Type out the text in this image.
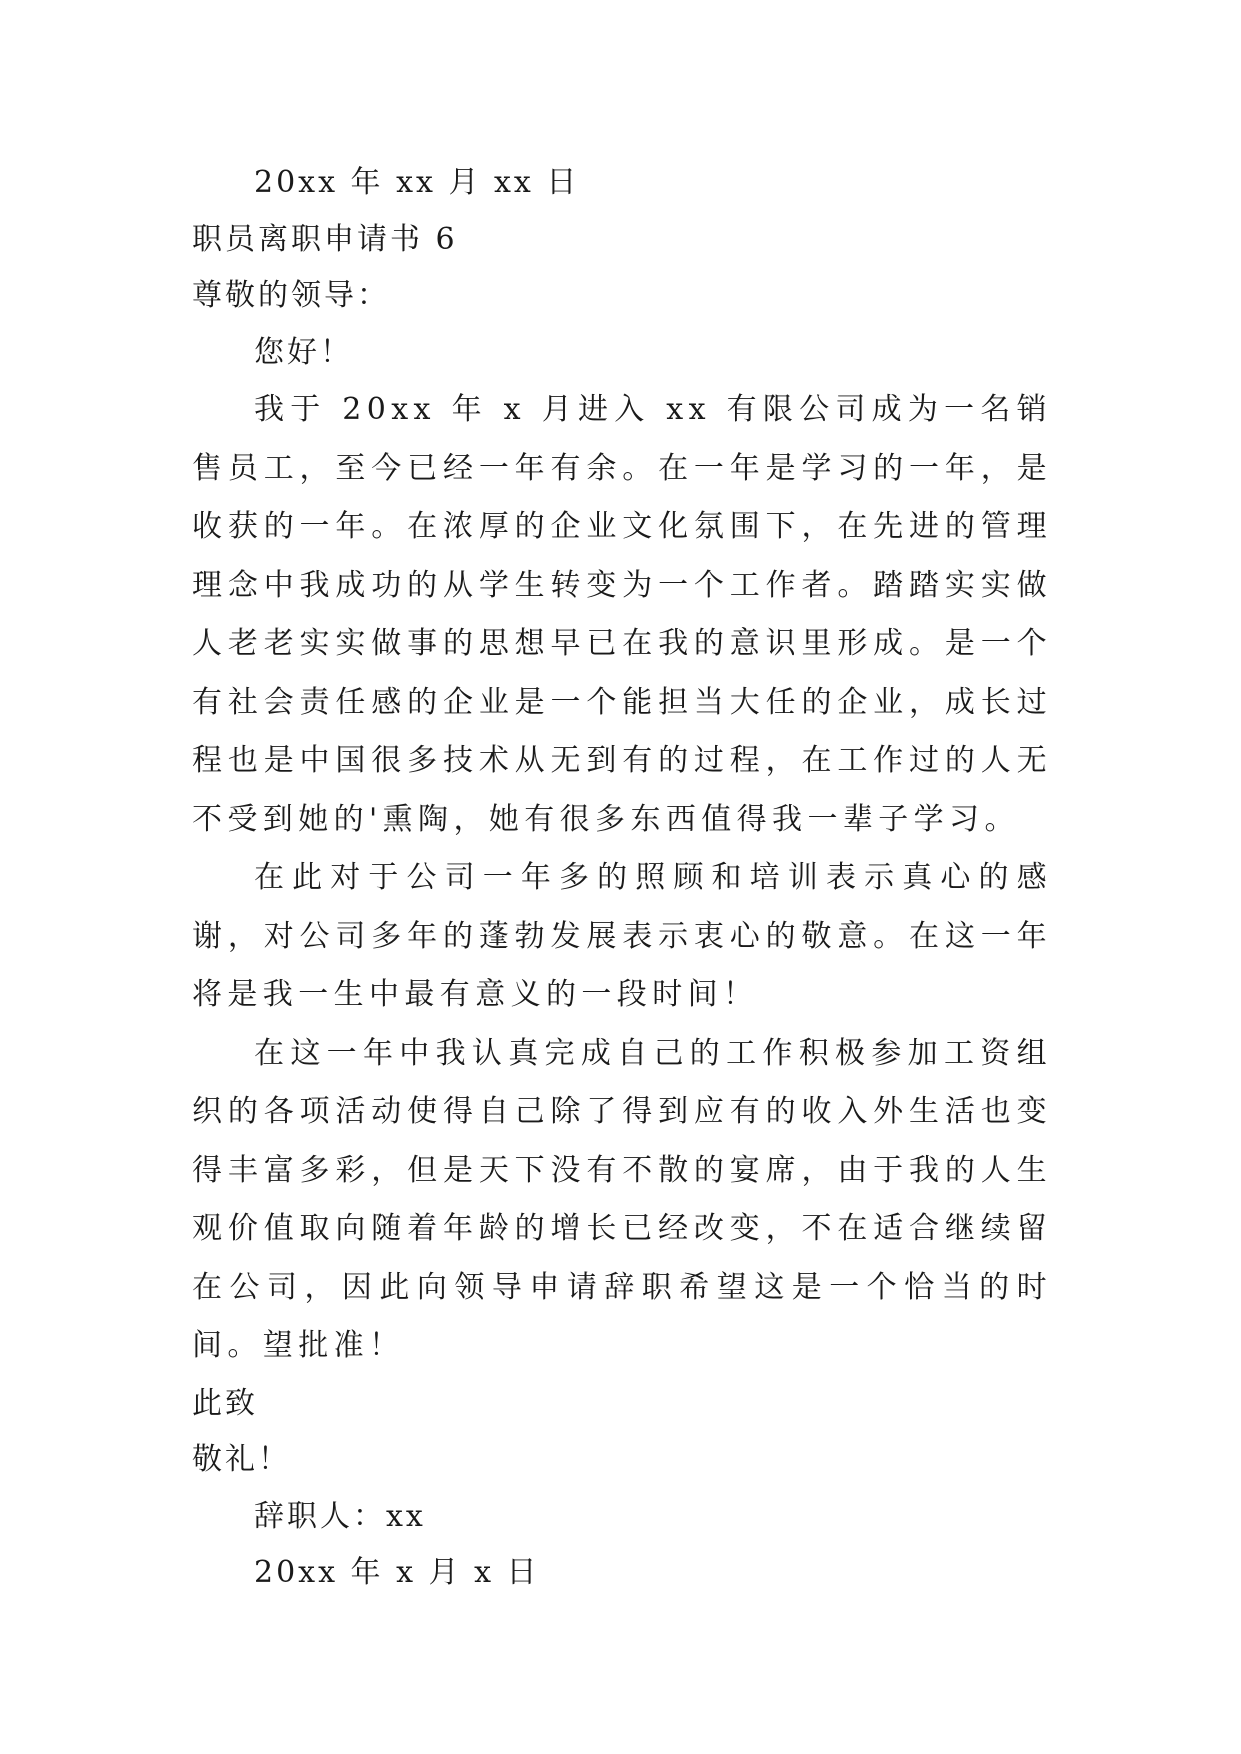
20xx 年 xx 月 xx 日
职员离职申请书 6
尊敬的领导：
您好！
我于 20xx 年 x 月进入 xx 有限公司成为一名销售员工，至今已经一年有余。在一年是学习的一年，是收获的一年。在浓厚的企业文化氛围下，在先进的管理理念中我成功的从学生转变为一个工作者。踏踏实实做人老老实实做事的思想早已在我的意识里形成。是一个有社会责任感的企业是一个能担当大任的企业，成长过程也是中国很多技术从无到有的过程，在工作过的人无不受到她的'熏陶，她有很多东西值得我一辈子学习。
在此对于公司一年多的照顾和培训表示真心的感谢，对公司多年的蓬勃发展表示衷心的敬意。在这一年将是我一生中最有意义的一段时间！
在这一年中我认真完成自己的工作积极参加工资组织的各项活动使得自己除了得到应有的收入外生活也变得丰富多彩，但是天下没有不散的宴席，由于我的人生观价值取向随着年龄的增长已经改变，不在适合继续留在公司，因此向领导申请辞职希望这是一个恰当的时间。望批准！
此致
敬礼！
辞职人：xx
20xx 年 x 月 x 日
